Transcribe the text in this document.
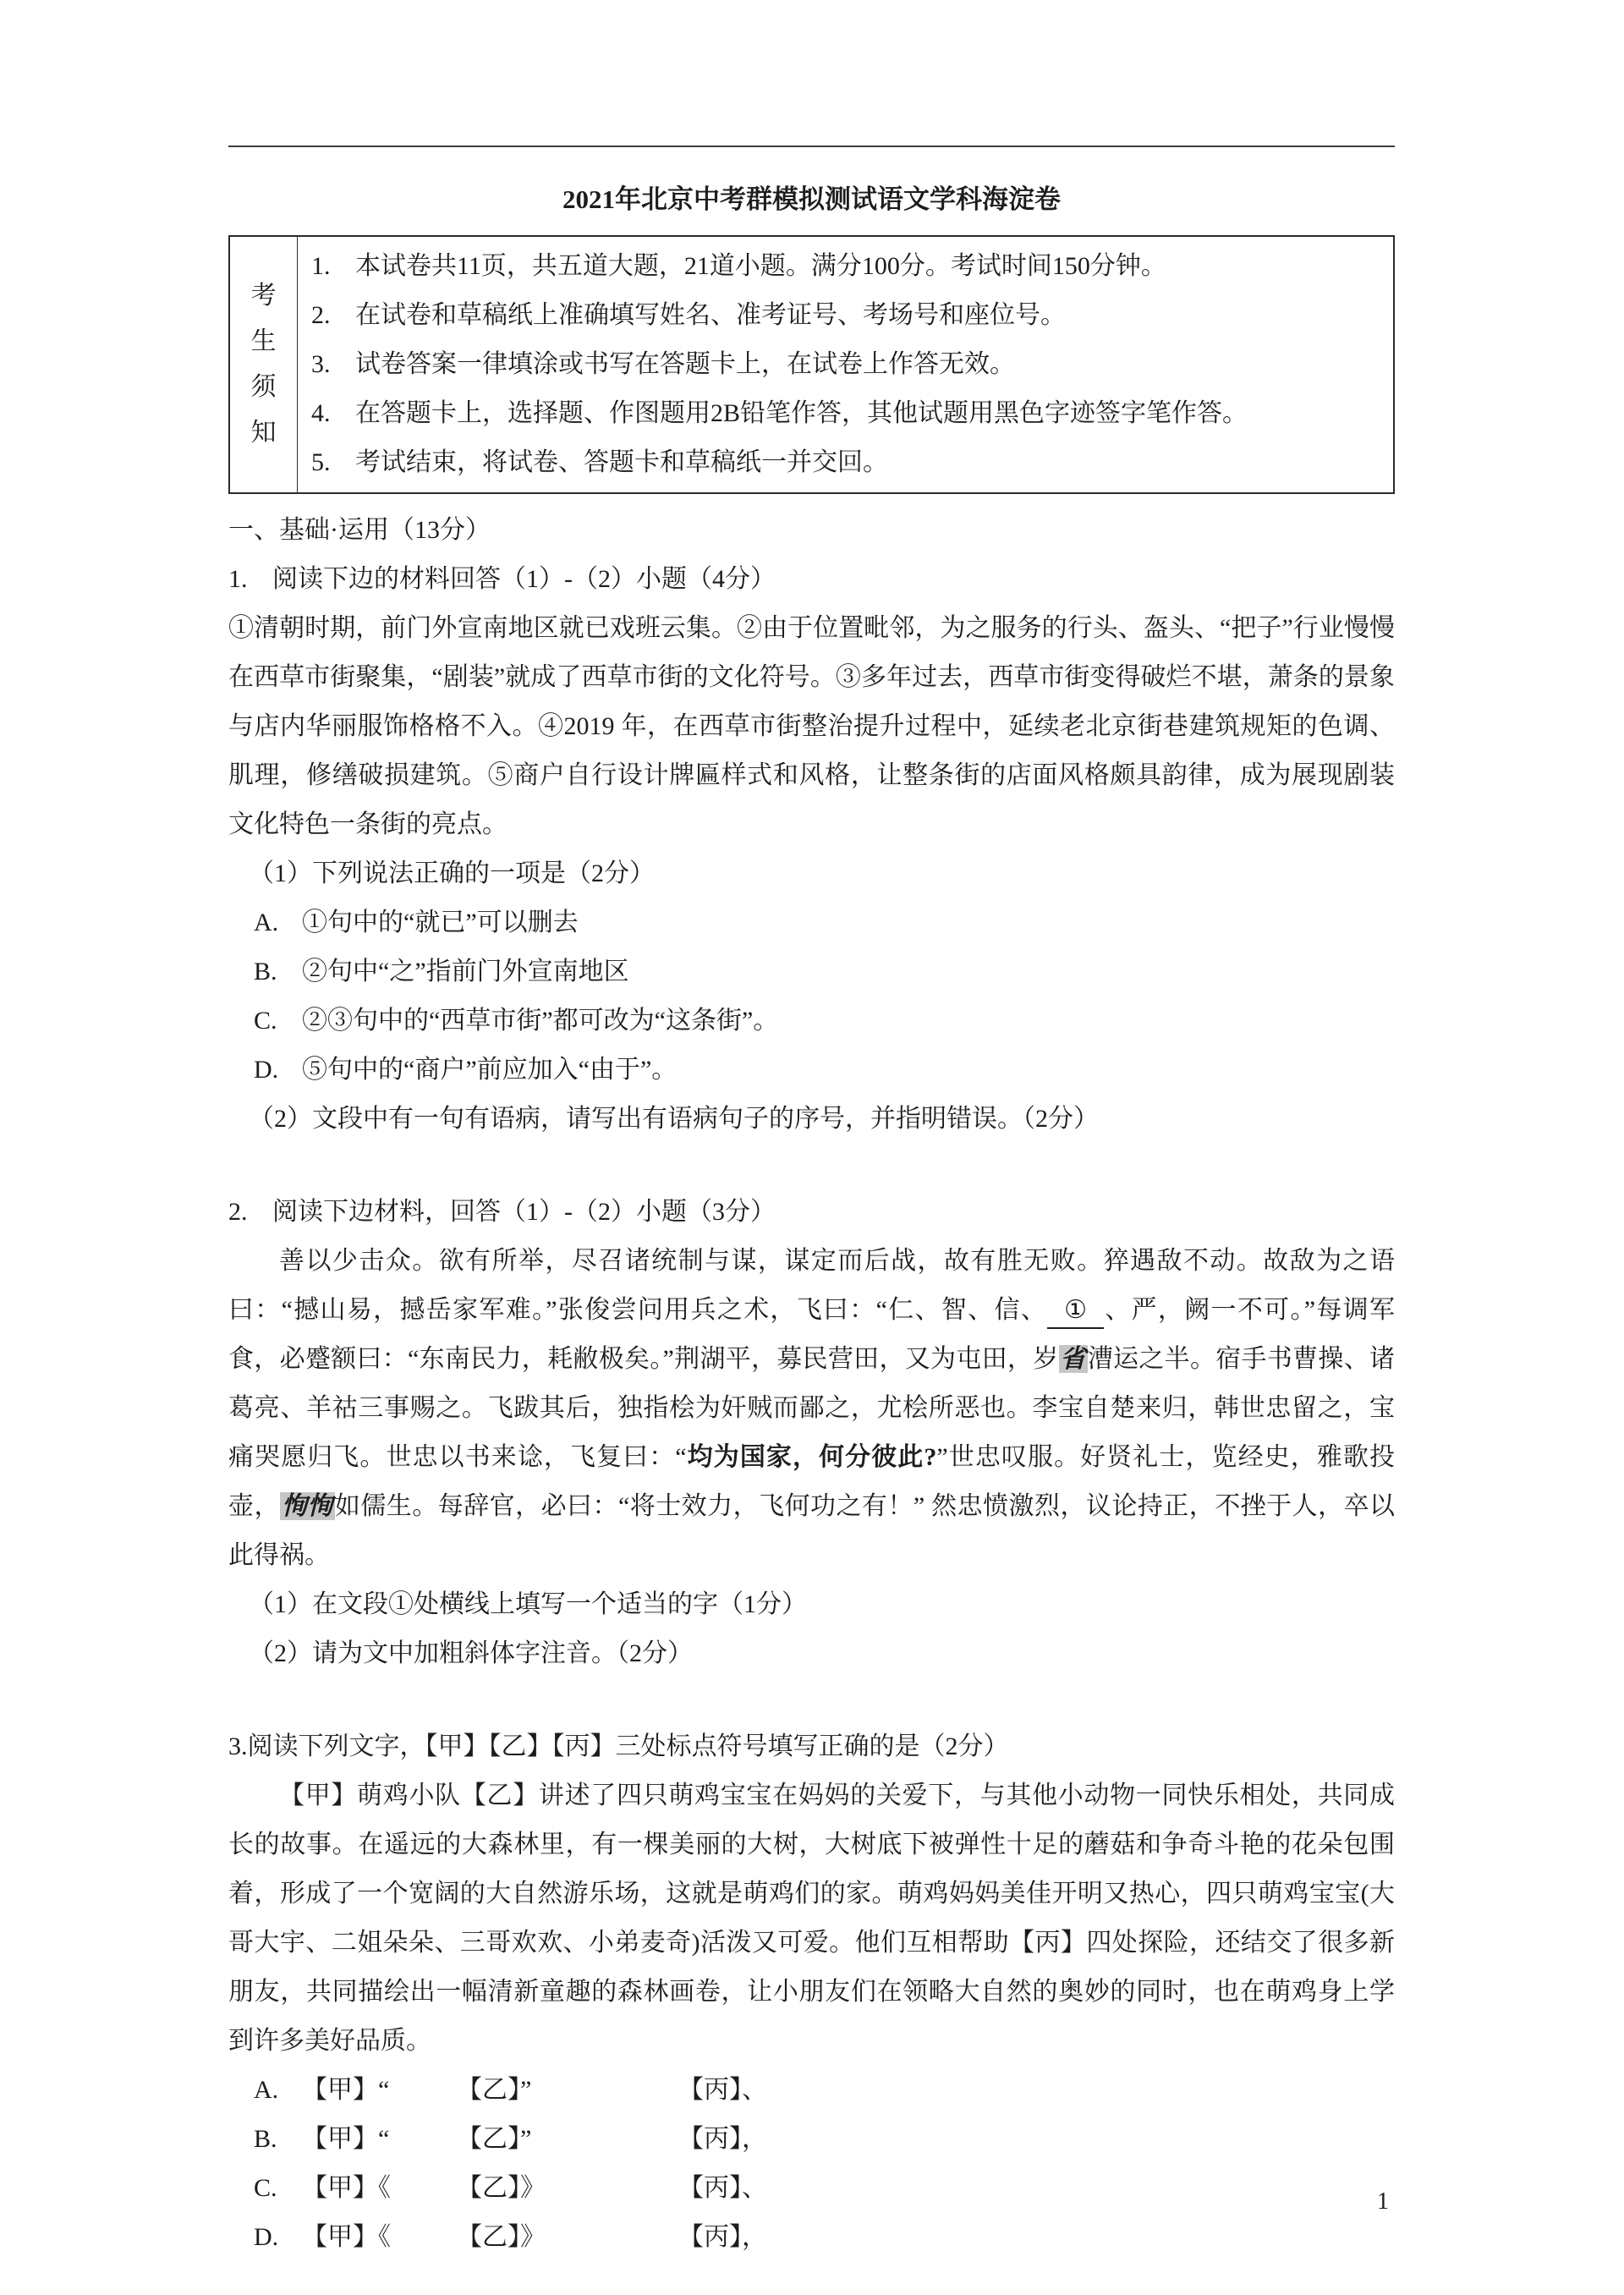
2021年北京中考群模拟测试语文学科海淀卷
考
生
须
知
1. 本试卷共11页，共五道大题，21道小题。满分100分。考试时间150分钟。
2. 在试卷和草稿纸上准确填写姓名、准考证号、考场号和座位号。
3. 试卷答案一律填涂或书写在答题卡上，在试卷上作答无效。
4. 在答题卡上，选择题、作图题用2B铅笔作答，其他试题用黑色字迹签字笔作答。
5. 考试结束，将试卷、答题卡和草稿纸一并交回。
一、基础·运用（13分）
1. 阅读下边的材料回答（1）-（2）小题（4分）
①清朝时期，前门外宣南地区就已戏班云集。②由于位置毗邻，为之服务的行头、盔头、“把子”行业慢慢在西草市街聚集，“剧装”就成了西草市街的文化符号。③多年过去，西草市街变得破烂不堪，萧条的景象与店内华丽服饰格格不入。④2019 年，在西草市街整治提升过程中，延续老北京街巷建筑规矩的色调、肌理，修缮破损建筑。⑤商户自行设计牌匾样式和风格，让整条街的店面风格颇具韵律，成为展现剧装文化特色一条街的亮点。
（1）下列说法正确的一项是（2分）
A. ①句中的“就已”可以删去
B. ②句中“之”指前门外宣南地区
C. ②③句中的“西草市街”都可改为“这条街”。
D. ⑤句中的“商户”前应加入“由于”。
（2）文段中有一句有语病，请写出有语病句子的序号，并指明错误。（2分）
2. 阅读下边材料，回答（1）-（2）小题（3分）
善以少击众。欲有所举，尽召诸统制与谋，谋定而后战，故有胜无败。猝遇敌不动。故敌为之语曰：“撼山易，撼岳家军难。”张俊尝问用兵之术，飞曰：“仁、智、信、 ① 、严，阙一不可。”每调军食，必蹙额曰：“东南民力，耗敝极矣。”荆湖平，募民营田，又为屯田，岁省漕运之半。宿手书曹操、诸葛亮、羊祜三事赐之。飞跋其后，独指桧为奸贼而鄙之，尤桧所恶也。李宝自楚来归，韩世忠留之，宝痛哭愿归飞。世忠以书来谂，飞复曰：“均为国家，何分彼此?”世忠叹服。好贤礼士，览经史，雅歌投壶，恂恂如儒生。每辞官，必曰：“将士效力，飞何功之有！” 然忠愤激烈，议论持正，不挫于人，卒以此得祸。
（1）在文段①处横线上填写一个适当的字（1分）
（2）请为文中加粗斜体字注音。（2分）
3.阅读下列文字，【甲】【乙】【丙】三处标点符号填写正确的是（2分）
【甲】萌鸡小队【乙】讲述了四只萌鸡宝宝在妈妈的关爱下，与其他小动物一同快乐相处，共同成长的故事。在遥远的大森林里，有一棵美丽的大树，大树底下被弹性十足的蘑菇和争奇斗艳的花朵包围着，形成了一个宽阔的大自然游乐场，这就是萌鸡们的家。萌鸡妈妈美佳开明又热心，四只萌鸡宝宝(大哥大宇、二姐朵朵、三哥欢欢、小弟麦奇)活泼又可爱。他们互相帮助【丙】四处探险，还结交了很多新朋友，共同描绘出一幅清新童趣的森林画卷，让小朋友们在领略大自然的奥妙的同时，也在萌鸡身上学到许多美好品质。
A. 【甲】“	【乙】”	【丙】、
B. 【甲】“	【乙】”	【丙】，
C. 【甲】《	【乙】》	【丙】、
D. 【甲】《	【乙】》	【丙】，
1
